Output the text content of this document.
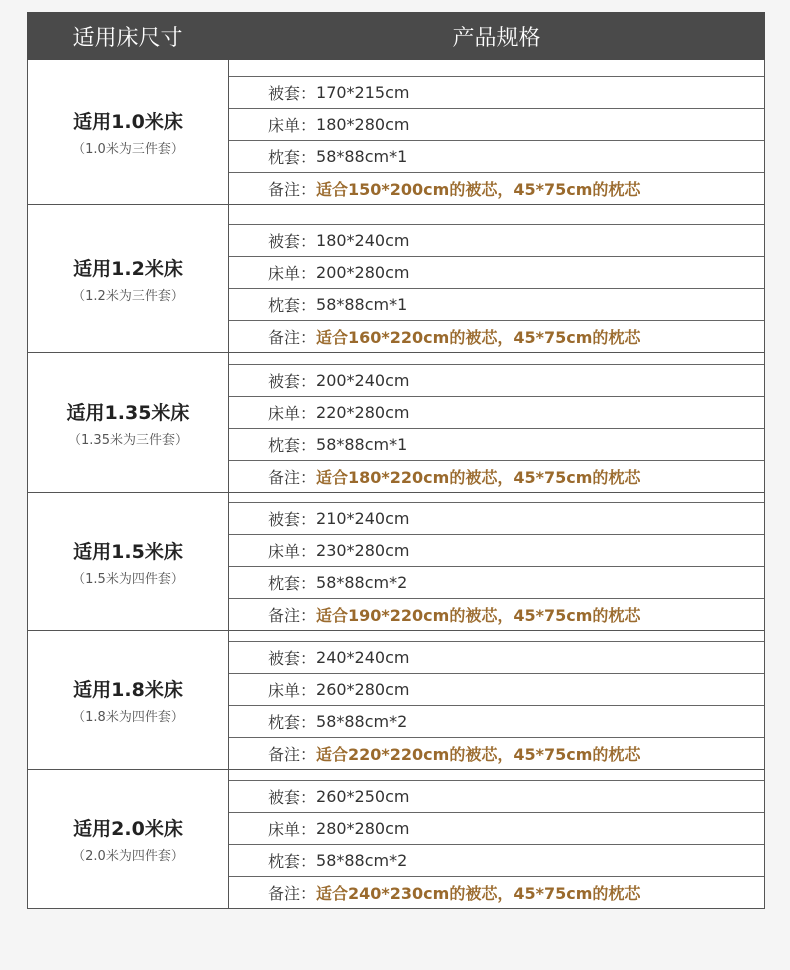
适用床尺寸	产品规格
适用1.0米床
（1.0米为三件套）
被套： 170*215cm
床单： 180*280cm
枕套： 58*88cm*1
备注： 适合150*200cm的被芯，45*75cm的枕芯
适用1.2米床
（1.2米为三件套）
被套： 180*240cm
床单： 200*280cm
枕套： 58*88cm*1
备注： 适合160*220cm的被芯，45*75cm的枕芯
适用1.35米床
（1.35米为三件套）
被套： 200*240cm
床单： 220*280cm
枕套： 58*88cm*1
备注： 适合180*220cm的被芯，45*75cm的枕芯
适用1.5米床
（1.5米为四件套）
被套： 210*240cm
床单： 230*280cm
枕套： 58*88cm*2
备注： 适合190*220cm的被芯，45*75cm的枕芯
适用1.8米床
（1.8米为四件套）
被套： 240*240cm
床单： 260*280cm
枕套： 58*88cm*2
备注： 适合220*220cm的被芯，45*75cm的枕芯
适用2.0米床
（2.0米为四件套）
被套： 260*250cm
床单： 280*280cm
枕套： 58*88cm*2
备注： 适合240*230cm的被芯，45*75cm的枕芯
